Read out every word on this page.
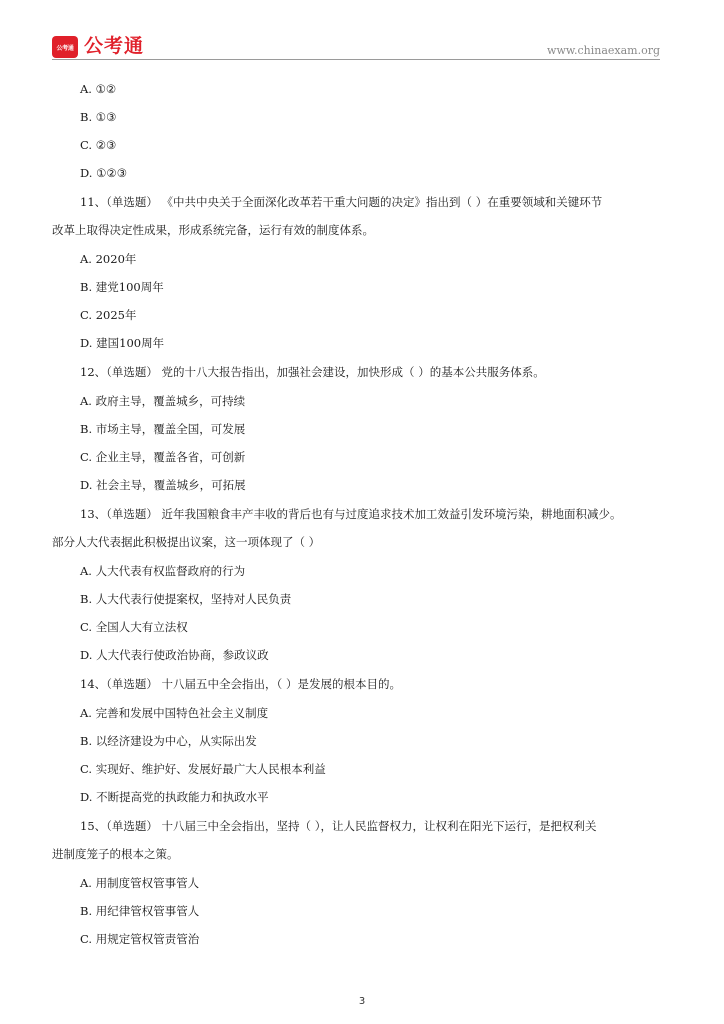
公考通 公考通	www.chinaexam.org
A. ①②
B. ①③
C. ②③
D. ①②③
11、（单选题） 《中共中央关于全面深化改革若干重大问题的决定》指出到（ ）在重要领域和关键环节
改革上取得决定性成果，形成系统完备，运行有效的制度体系。
A. 2020年
B. 建党100周年
C. 2025年
D. 建国100周年
12、（单选题） 党的十八大报告指出，加强社会建设，加快形成（ ）的基本公共服务体系。
A. 政府主导，覆盖城乡，可持续
B. 市场主导，覆盖全国，可发展
C. 企业主导，覆盖各省，可创新
D. 社会主导，覆盖城乡，可拓展
13、（单选题） 近年我国粮食丰产丰收的背后也有与过度追求技术加工效益引发环境污染，耕地面积减少。
部分人大代表据此积极提出议案，这一项体现了（ ）
A. 人大代表有权监督政府的行为
B. 人大代表行使提案权，坚持对人民负责
C. 全国人大有立法权
D. 人大代表行使政治协商，参政议政
14、（单选题） 十八届五中全会指出，（ ）是发展的根本目的。
A. 完善和发展中国特色社会主义制度
B. 以经济建设为中心，从实际出发
C. 实现好、维护好、发展好最广大人民根本利益
D. 不断提高党的执政能力和执政水平
15、（单选题） 十八届三中全会指出，坚持（ ），让人民监督权力，让权利在阳光下运行，是把权利关
进制度笼子的根本之策。
A. 用制度管权管事管人
B. 用纪律管权管事管人
C. 用规定管权管责管治
3
